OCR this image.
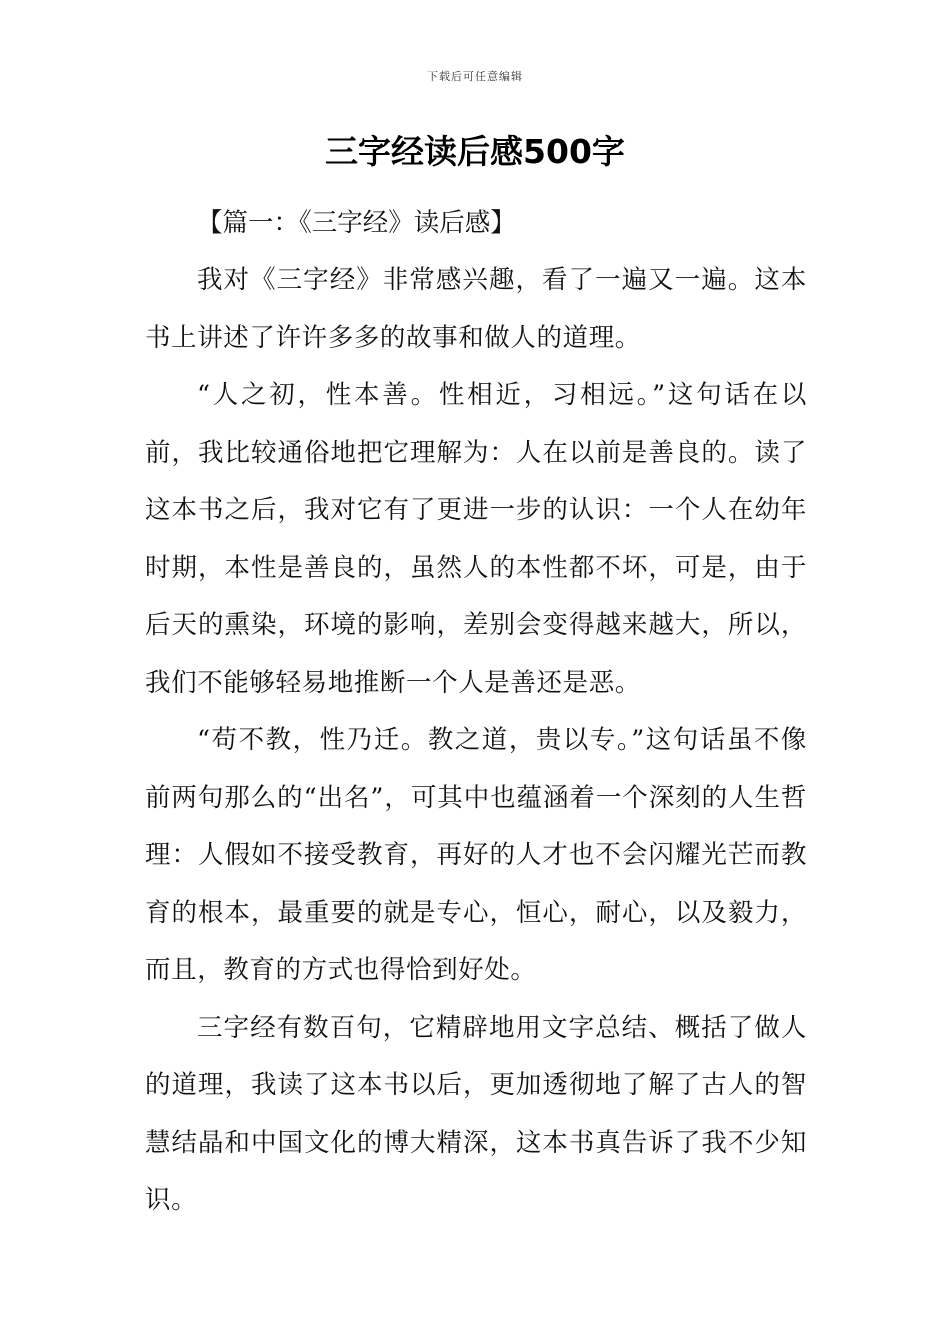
下载后可任意编辑
三字经读后感500字

【篇一：《三字经》读后感】

我对《三字经》非常感兴趣，看了一遍又一遍。这本书上讲述了许许多多的故事和做人的道理。

“人之初，性本善。性相近，习相远。”这句话在以前，我比较通俗地把它理解为：人在以前是善良的。读了这本书之后，我对它有了更进一步的认识：一个人在幼年时期，本性是善良的，虽然人的本性都不坏，可是，由于后天的熏染，环境的影响，差别会变得越来越大，所以，我们不能够轻易地推断一个人是善还是恶。

“苟不教，性乃迁。教之道，贵以专。”这句话虽不像前两句那么的“出名”，可其中也蕴涵着一个深刻的人生哲理：人假如不接受教育，再好的人才也不会闪耀光芒而教育的根本，最重要的就是专心，恒心，耐心，以及毅力，而且，教育的方式也得恰到好处。

三字经有数百句，它精辟地用文字总结、概括了做人的道理，我读了这本书以后，更加透彻地了解了古人的智慧结晶和中国文化的博大精深，这本书真告诉了我不少知识。
